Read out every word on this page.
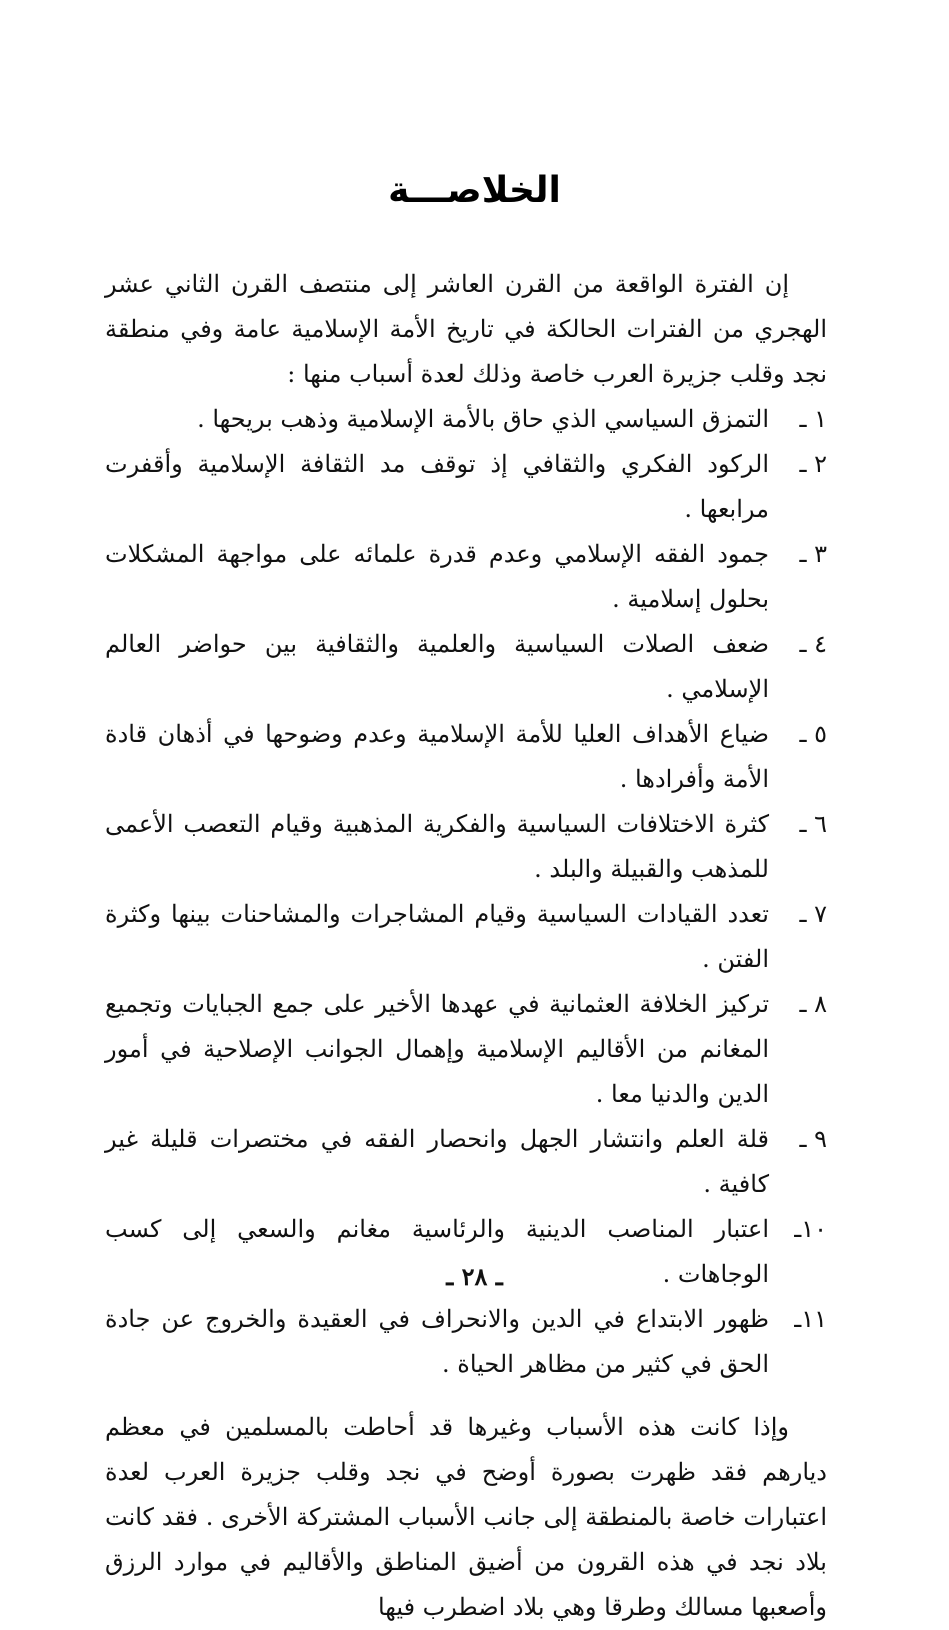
الخلاصـــة

إن الفترة الواقعة من القرن العاشر إلى منتصف القرن الثاني عشر الهجري من الفترات الحالكة في تاريخ الأمة الإسلامية عامة وفي منطقة نجد وقلب جزيرة العرب خاصة وذلك لعدة أسباب منها :

١ ـ
التمزق السياسي الذي حاق بالأمة الإسلامية وذهب بريحها .
٢ ـ
الركود الفكري والثقافي إذ توقف مد الثقافة الإسلامية وأقفرت مرابعها .
٣ ـ
جمود الفقه الإسلامي وعدم قدرة علمائه على مواجهة المشكلات بحلول إسلامية .
٤ ـ
ضعف الصلات السياسية والعلمية والثقافية بين حواضر العالم الإسلامي .
٥ ـ
ضياع الأهداف العليا للأمة الإسلامية وعدم وضوحها في أذهان قادة الأمة وأفرادها .
٦ ـ
كثرة الاختلافات السياسية والفكرية المذهبية وقيام التعصب الأعمى للمذهب والقبيلة والبلد .
٧ ـ
تعدد القيادات السياسية وقيام المشاجرات والمشاحنات بينها وكثرة الفتن .
٨ ـ
تركيز الخلافة العثمانية في عهدها الأخير على جمع الجبايات وتجميع المغانم من الأقاليم الإسلامية وإهمال الجوانب الإصلاحية في أمور الدين والدنيا معا .
٩ ـ
قلة العلم وانتشار الجهل وانحصار الفقه في مختصرات قليلة غير كافية .
١٠ـ
اعتبار المناصب الدينية والرئاسية مغانم والسعي إلى كسب الوجاهات .
١١ـ
ظهور الابتداع في الدين والانحراف في العقيدة والخروج عن جادة الحق في كثير من مظاهر الحياة .

وإذا كانت هذه الأسباب وغيرها قد أحاطت بالمسلمين في معظم ديارهم فقد ظهرت بصورة أوضح في نجد وقلب جزيرة العرب لعدة اعتبارات خاصة بالمنطقة إلى جانب الأسباب المشتركة الأخرى . فقد كانت بلاد نجد في هذه القرون من أضيق المناطق والأقاليم في موارد الرزق وأصعبها مسالك وطرقا وهي بلاد اضطرب فيها

ـ ٢٨ ـ
